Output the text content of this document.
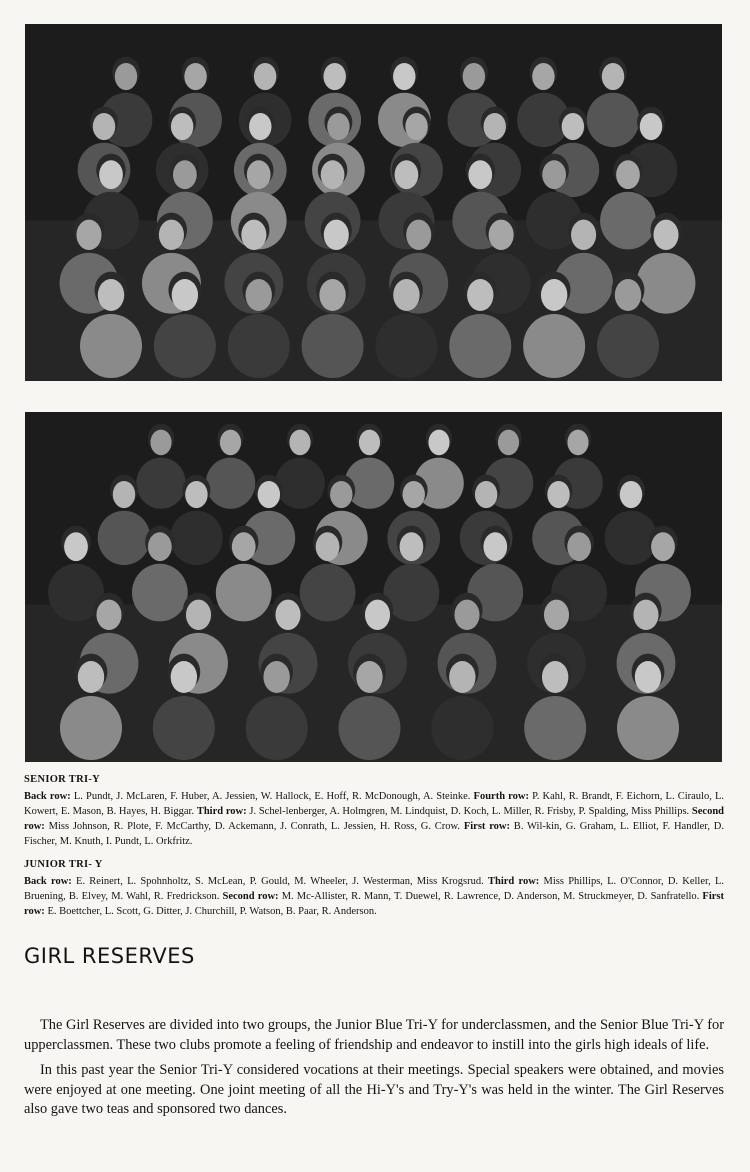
SENIOR TRI-Y
Back row: L. Pundt, J. McLaren, F. Huber, A. Jessien, W. Hallock, E. Hoff, R. McDonough, A. Steinke. Fourth row: P. Kahl, R. Brandt, F. Eichorn, L. Ciraulo, L. Kowert, E. Mason, B. Hayes, H. Biggar. Third row: J. Schel-lenberger, A. Holmgren, M. Lindquist, D. Koch, L. Miller, R. Frisby, P. Spalding, Miss Phillips. Second row: Miss Johnson, R. Plote, F. McCarthy, D. Ackemann, J. Conrath, L. Jessien, H. Ross, G. Crow. First row: B. Wil-kin, G. Graham, L. Elliot, F. Handler, D. Fischer, M. Knuth, I. Pundt, L. Orkfritz.
JUNIOR TRI- Y
Back row: E. Reinert, L. Spohnholtz, S. McLean, P. Gould, M. Wheeler, J. Westerman, Miss Krogsrud. Third row: Miss Phillips, L. O'Connor, D. Keller, L. Bruening, B. Elvey, M. Wahl, R. Fredrickson. Second row: M. Mc-Allister, R. Mann, T. Duewel, R. Lawrence, D. Anderson, M. Struckmeyer, D. Sanfratello. First row: E. Boettcher, L. Scott, G. Ditter, J. Churchill, P. Watson, B. Paar, R. Anderson.
GIRL RESERVES

The Girl Reserves are divided into two groups, the Junior Blue Tri-Y for underclassmen, and the Senior Blue Tri-Y for upperclassmen. These two clubs promote a feeling of friendship and endeavor to instill into the girls high ideals of life.

In this past year the Senior Tri-Y considered vocations at their meetings. Special speakers were obtained, and movies were enjoyed at one meeting. One joint meeting of all the Hi-Y's and Try-Y's was held in the winter. The Girl Reserves also gave two teas and sponsored two dances.
